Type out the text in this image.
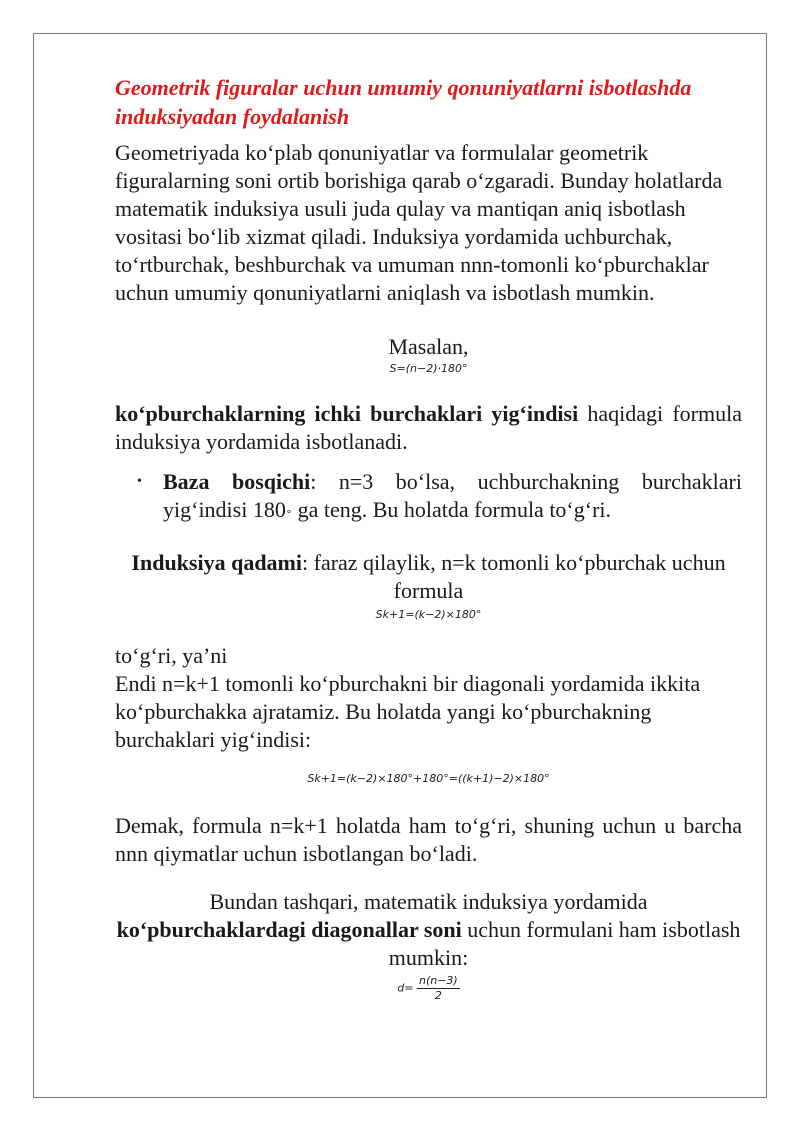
Geometrik figuralar uchun umumiy qonuniyatlarni isbotlashda induksiyadan foydalanish

Geometriyada ko‘plab qonuniyatlar va formulalar geometrik figuralarning soni ortib borishiga qarab o‘zgaradi. Bunday holatlarda matematik induksiya usuli juda qulay va mantiqan aniq isbotlash vositasi bo‘lib xizmat qiladi. Induksiya yordamida uchburchak, to‘rtburchak, beshburchak va umuman nnn-tomonli ko‘pburchaklar uchun umumiy qonuniyatlarni aniqlash va isbotlash mumkin.

Masalan,

S=(n−2)·180°

ko‘pburchaklarning ichki burchaklari yig‘indisi haqidagi formula induksiya yordamida isbotlanadi.

• Baza bosqichi: n=3 bo‘lsa, uchburchakning burchaklari yig‘indisi 180∘ ga teng. Bu holatda formula to‘g‘ri.

Induksiya qadami: faraz qilaylik, n=k tomonli ko‘pburchak uchun formula

Sk+1=(k−2)×180°

to‘g‘ri, ya’ni

Endi n=k+1 tomonli ko‘pburchakni bir diagonali yordamida ikkita ko‘pburchakka ajratamiz. Bu holatda yangi ko‘pburchakning burchaklari yig‘indisi:

Sk+1=(k−2)×180°+180°=((k+1)−2)×180°

Demak, formula n=k+1 holatda ham to‘g‘ri, shuning uchun u barcha nnn qiymatlar uchun isbotlangan bo‘ladi.

Bundan tashqari, matematik induksiya yordamida ko‘pburchaklardagi diagonallar soni uchun formulani ham isbotlash mumkin:

$d= \frac{n(n-3)}{2}$
